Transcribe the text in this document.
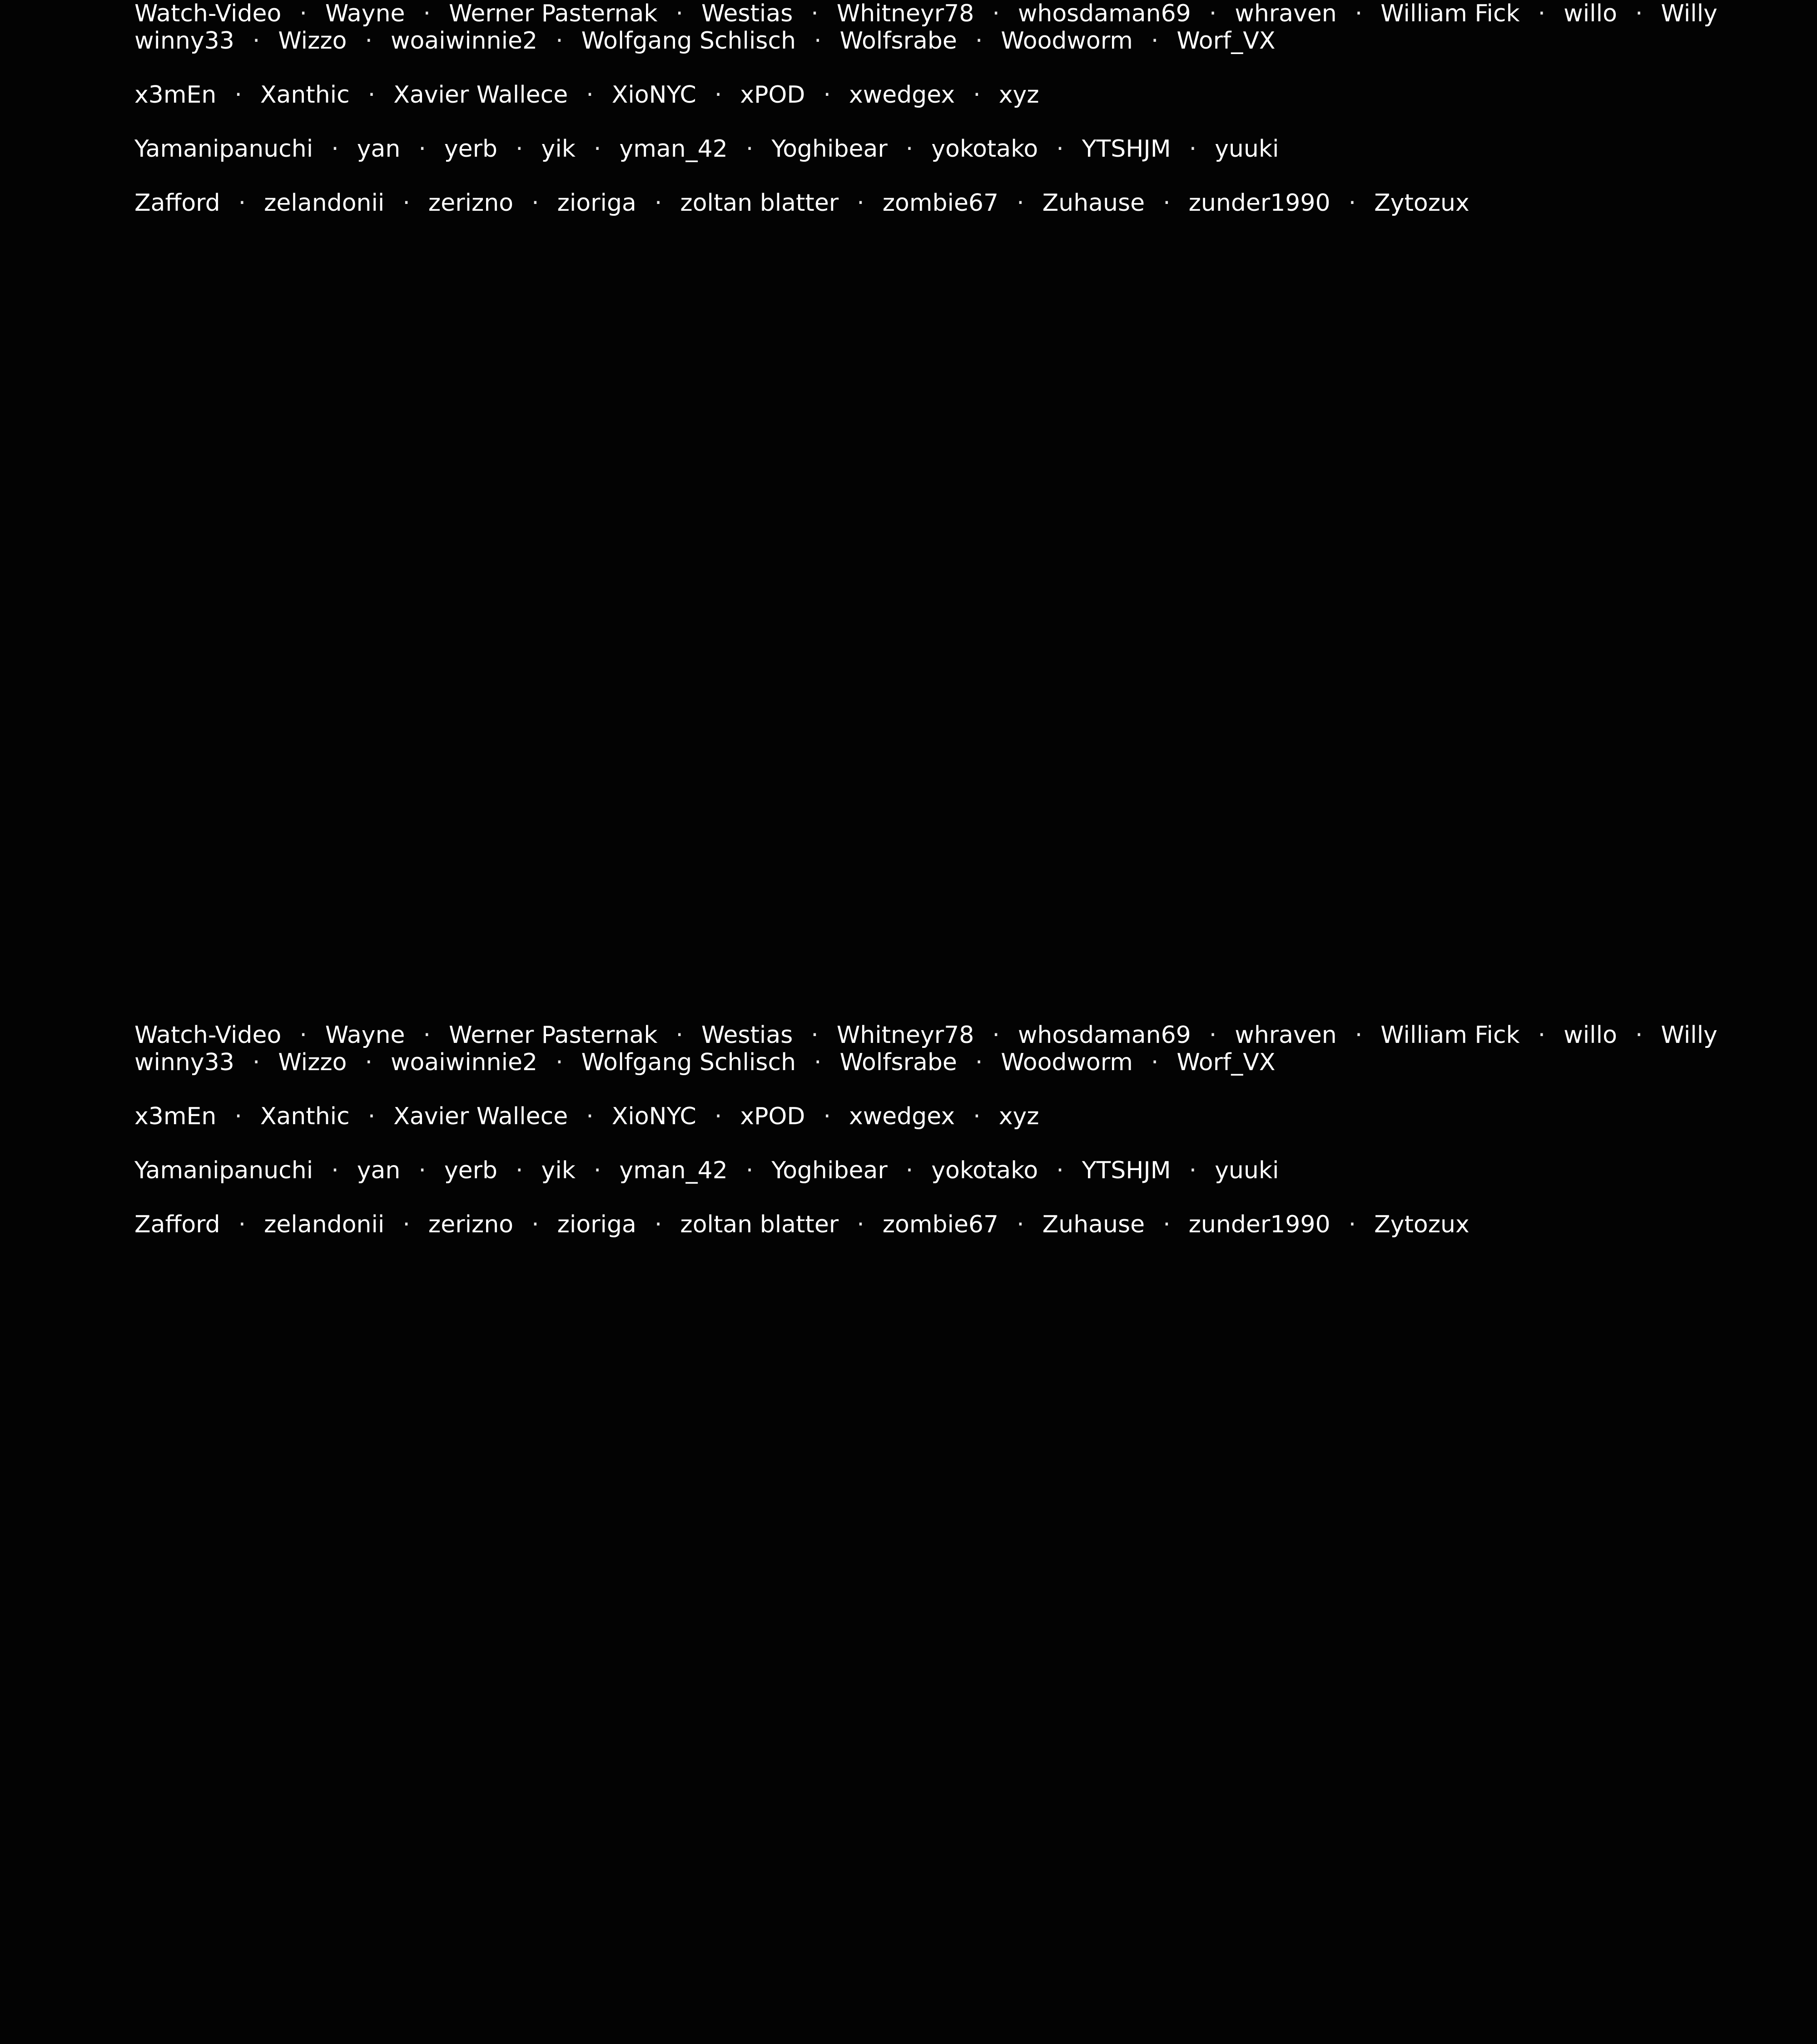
Watch-Video · Wayne · Werner Pasternak · Westias · Whitneyr78 · whosdaman69 · whraven · William Fick · willo · Willy
winny33 · Wizzo · woaiwinnie2 · Wolfgang Schlisch · Wolfsrabe · Woodworm · Worf_VX
x3mEn · Xanthic · Xavier Wallece · XioNYC · xPOD · xwedgex · xyz
Yamanipanuchi · yan · yerb · yik · yman_42 · Yoghibear · yokotako · YTSHJM · yuuki
Zafford · zelandonii · zerizno · zioriga · zoltan blatter · zombie67 · Zuhause · zunder1990 · Zytozux
Watch-Video · Wayne · Werner Pasternak · Westias · Whitneyr78 · whosdaman69 · whraven · William Fick · willo · Willy
winny33 · Wizzo · woaiwinnie2 · Wolfgang Schlisch · Wolfsrabe · Woodworm · Worf_VX
x3mEn · Xanthic · Xavier Wallece · XioNYC · xPOD · xwedgex · xyz
Yamanipanuchi · yan · yerb · yik · yman_42 · Yoghibear · yokotako · YTSHJM · yuuki
Zafford · zelandonii · zerizno · zioriga · zoltan blatter · zombie67 · Zuhause · zunder1990 · Zytozux
